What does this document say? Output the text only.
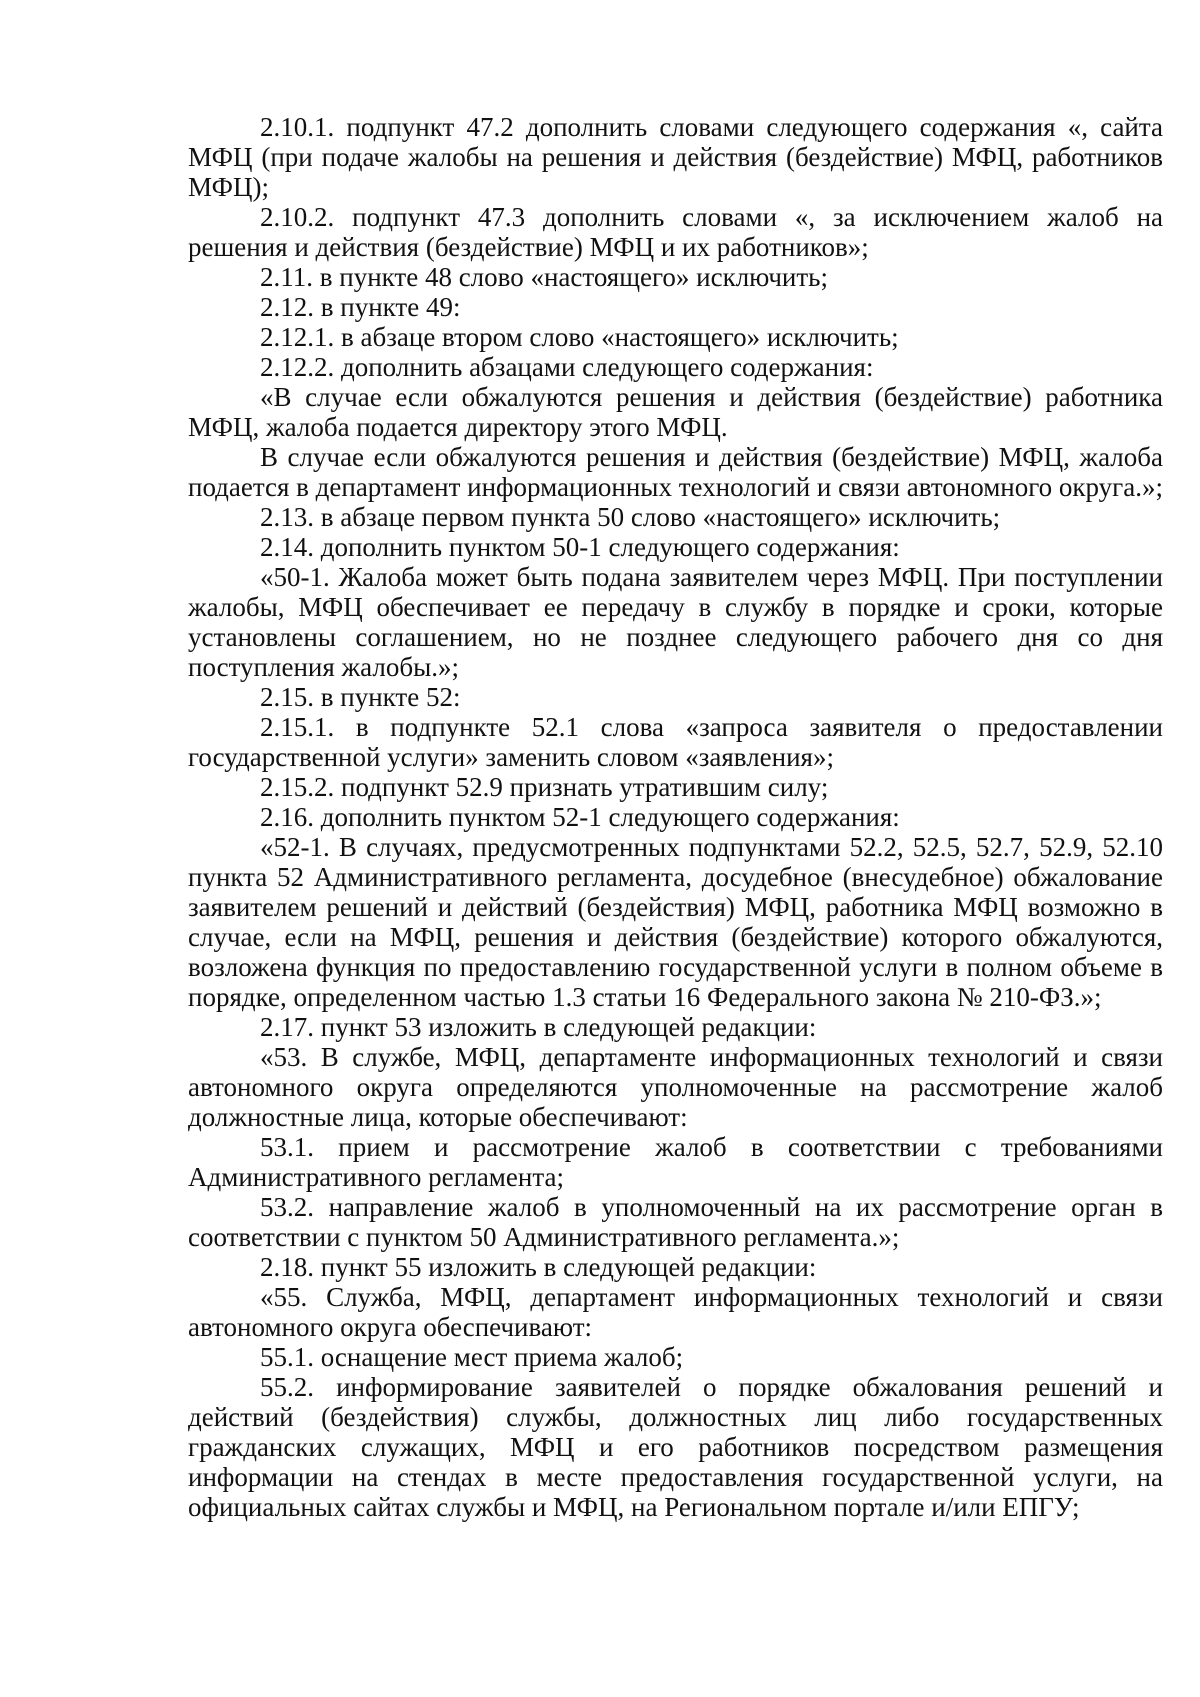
2.10.1. подпункт 47.2 дополнить словами следующего содержания «, сайта МФЦ (при подаче жалобы на решения и действия (бездействие) МФЦ, работников МФЦ);

2.10.2. подпункт 47.3 дополнить словами «, за исключением жалоб на решения и действия (бездействие) МФЦ и их работников»;

2.11. в пункте 48 слово «настоящего» исключить;

2.12. в пункте 49:

2.12.1. в абзаце втором слово «настоящего» исключить;

2.12.2. дополнить абзацами следующего содержания:

«В случае если обжалуются решения и действия (бездействие) работника МФЦ, жалоба подается директору этого МФЦ.

В случае если обжалуются решения и действия (бездействие) МФЦ, жалоба подается в департамент информационных технологий и связи автономного округа.»;

2.13. в абзаце первом пункта 50 слово «настоящего» исключить;

2.14. дополнить пунктом 50-1 следующего содержания:

«50-1. Жалоба может быть подана заявителем через МФЦ. При поступлении жалобы, МФЦ обеспечивает ее передачу в службу в порядке и сроки, которые установлены соглашением, но не позднее следующего рабочего дня со дня поступления жалобы.»;

2.15. в пункте 52:

2.15.1. в подпункте 52.1 слова «запроса заявителя о предоставлении государственной услуги» заменить словом «заявления»;

2.15.2. подпункт 52.9 признать утратившим силу;

2.16. дополнить пунктом 52-1 следующего содержания:

«52-1. В случаях, предусмотренных подпунктами 52.2, 52.5, 52.7, 52.9, 52.10 пункта 52 Административного регламента, досудебное (внесудебное) обжалование заявителем решений и действий (бездействия) МФЦ, работника МФЦ возможно в случае, если на МФЦ, решения и действия (бездействие) которого обжалуются, возложена функция по предоставлению государственной услуги в полном объеме в порядке, определенном частью 1.3 статьи 16 Федерального закона № 210-ФЗ.»;

2.17. пункт 53 изложить в следующей редакции:

«53. В службе, МФЦ, департаменте информационных технологий и связи автономного округа определяются уполномоченные на рассмотрение жалоб должностные лица, которые обеспечивают:

53.1. прием и рассмотрение жалоб в соответствии с требованиями Административного регламента;

53.2. направление жалоб в уполномоченный на их рассмотрение орган в соответствии с пунктом 50 Административного регламента.»;

2.18. пункт 55 изложить в следующей редакции:

«55. Служба, МФЦ, департамент информационных технологий и связи автономного округа обеспечивают:

55.1. оснащение мест приема жалоб;

55.2. информирование заявителей о порядке обжалования решений и действий (бездействия) службы, должностных лиц либо государственных гражданских служащих, МФЦ и его работников посредством размещения информации на стендах в месте предоставления государственной услуги, на официальных сайтах службы и МФЦ, на Региональном портале и/или ЕПГУ;
